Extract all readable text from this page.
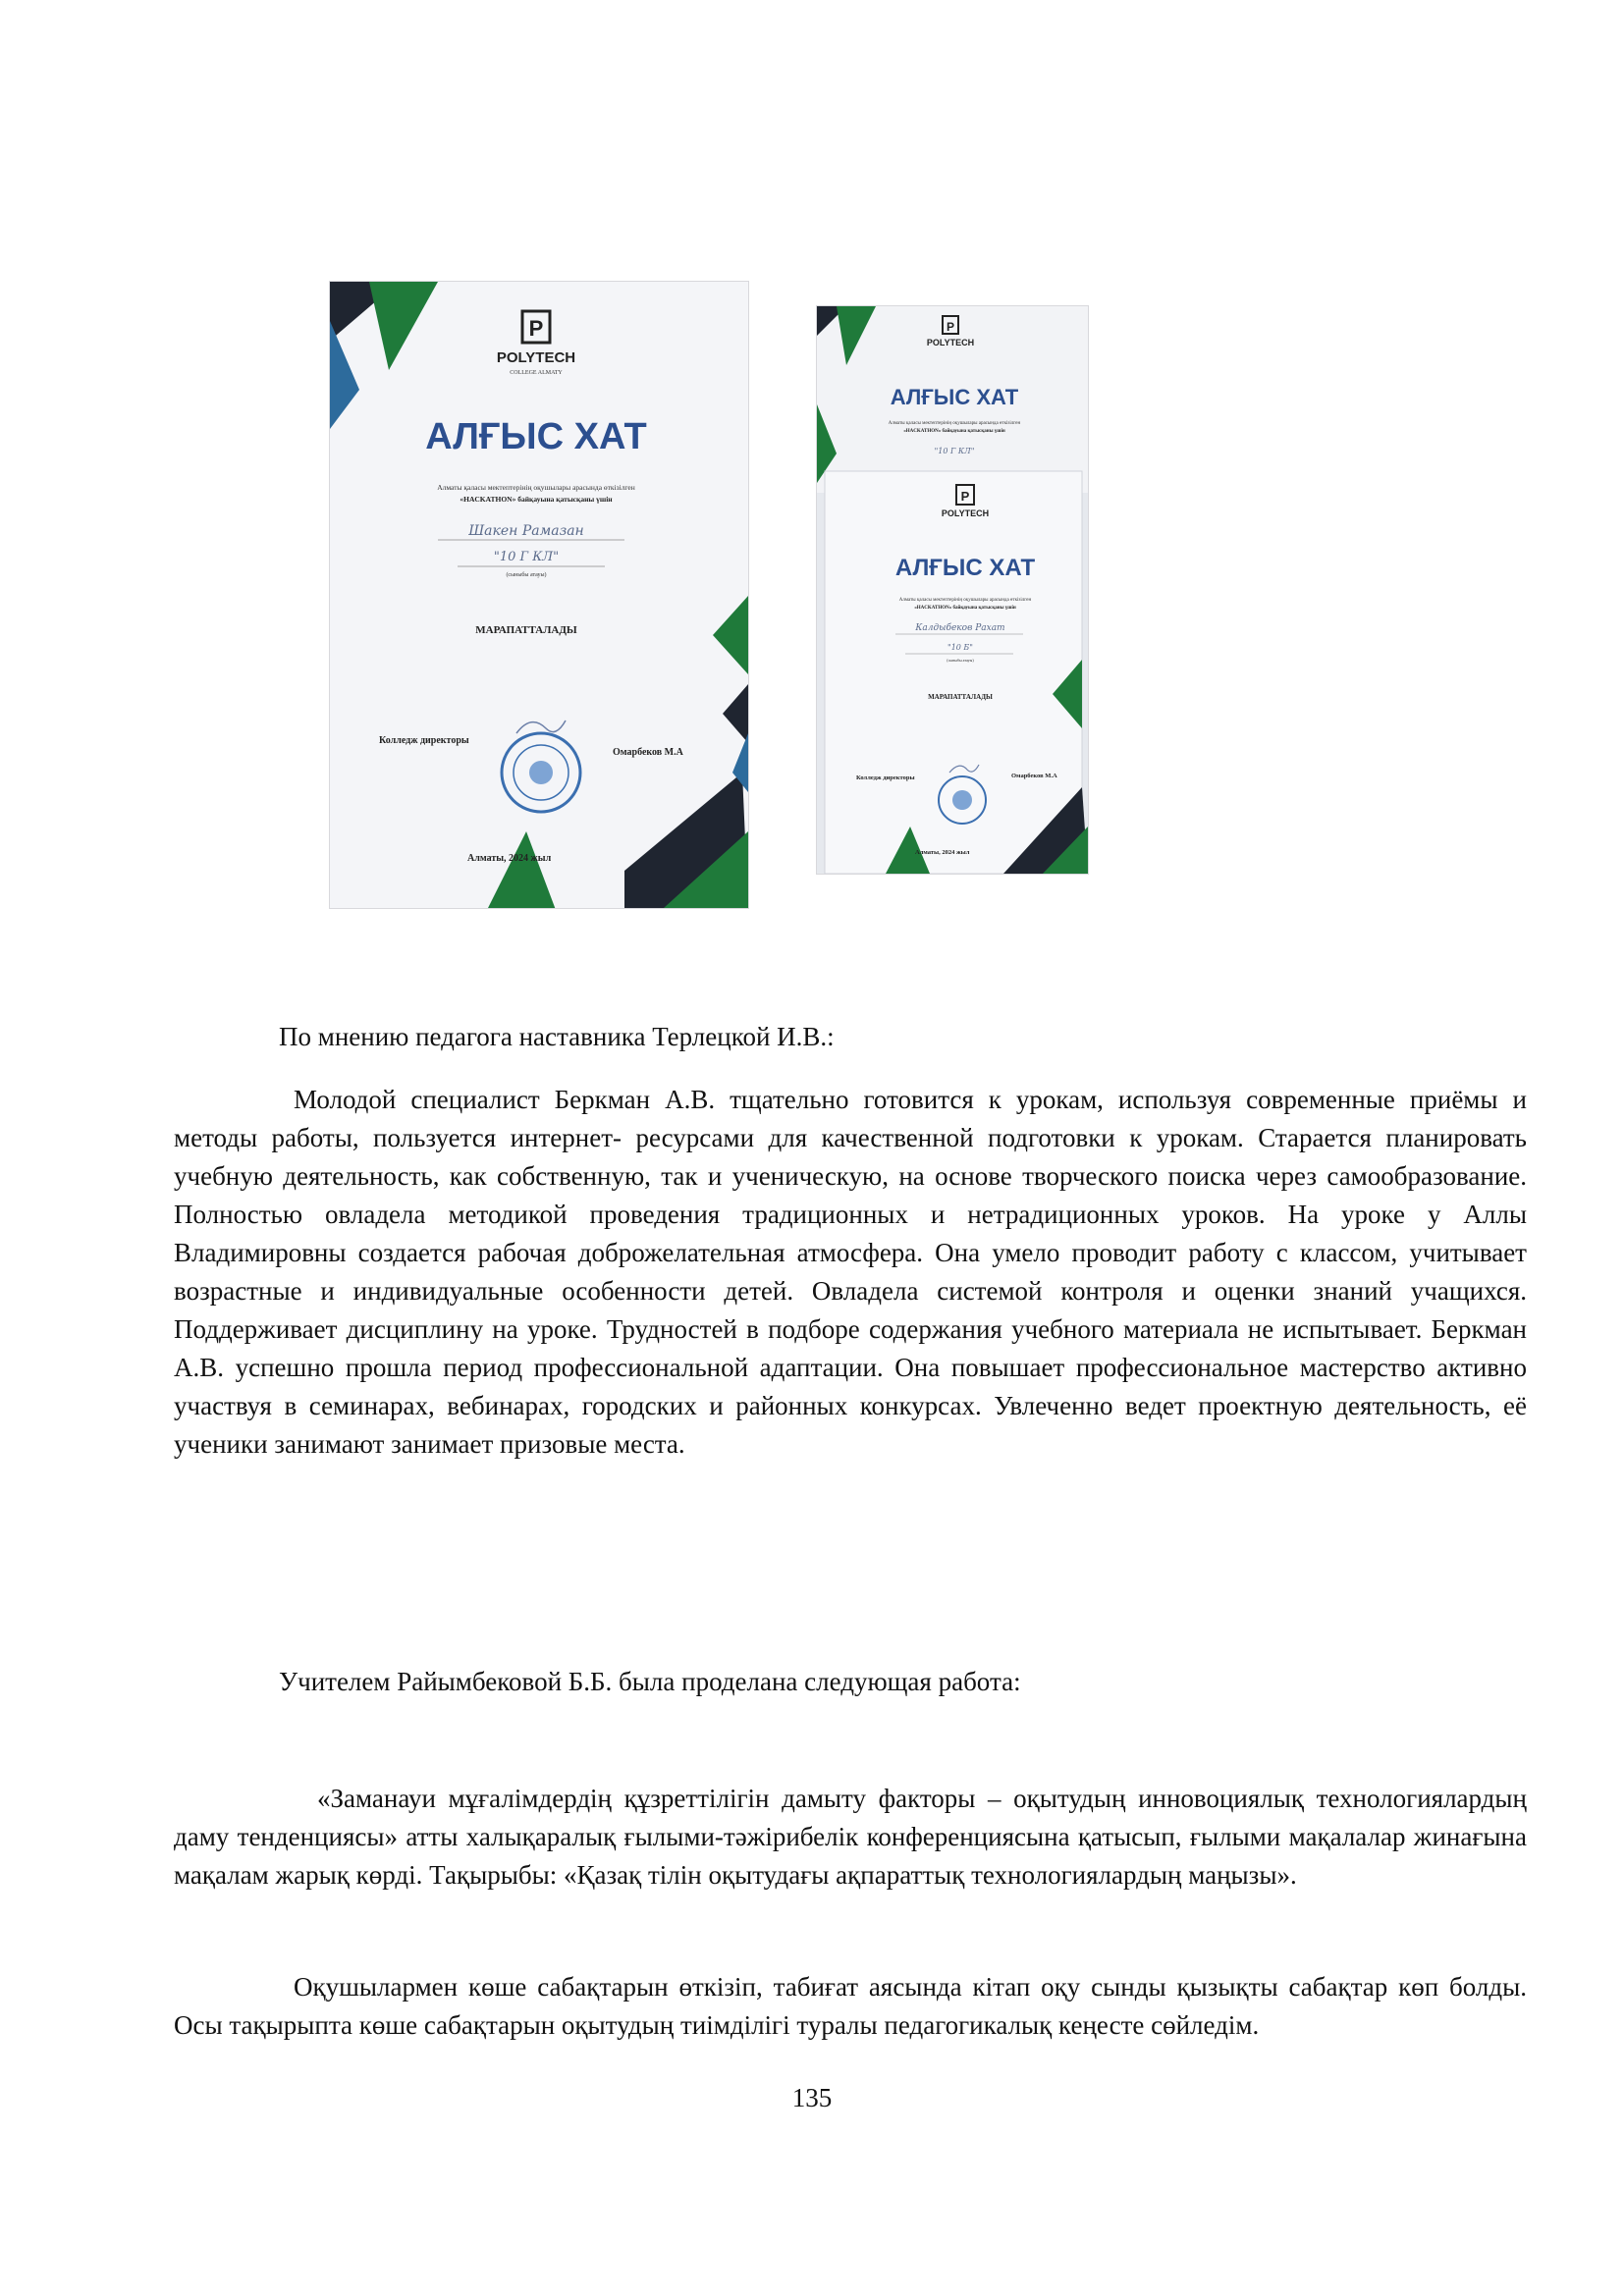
P
POLYTECH
COLLEGE ALMATY
АЛҒЫС ХАТ
Алматы қаласы мектептерінің оқушылары арасында өткізілген
«HACKATHON» байқауына қатысқаны үшін
Шакен Рамазан
"10 Г КЛ"
(сыныбы атауы)
МАРАПАТТАЛАДЫ
Колледж директоры
Омарбеков М.А
Алматы, 2024 жыл
P
POLYTECH
АЛҒЫС ХАТ
Алматы қаласы мектептерінің оқушылары арасында өткізілген
«HACKATHON» байқауына қатысқаны үшін
"10 Г КЛ"
P
POLYTECH
АЛҒЫС ХАТ
Алматы қаласы мектептерінің оқушылары арасында өткізілген
«HACKATHON» байқауына қатысқаны үшін
Калдыбеков Рахат
"10 Б"
(сыныбы атауы)
МАРАПАТТАЛАДЫ
Колледж директоры	Омарбеков М.А
Алматы, 2024 жыл

По мнению педагога наставника Терлецкой И.В.:

Молодой специалист Беркман А.В. тщательно готовится к урокам, используя современные приёмы и методы работы, пользуется интернет- ресурсами для качественной подготовки к урокам. Старается планировать учебную деятельность, как собственную, так и ученическую, на основе творческого поиска через самообразование. Полностью овладела методикой проведения традиционных и нетрадиционных уроков. На уроке у Аллы Владимировны создается рабочая доброжелательная атмосфера. Она умело проводит работу с классом, учитывает возрастные и индивидуальные особенности детей. Овладела системой контроля и оценки знаний учащихся. Поддерживает дисциплину на уроке. Трудностей в подборе содержания учебного материала не испытывает. Беркман А.В. успешно прошла период профессиональной адаптации. Она повышает профессиональное мастерство активно участвуя в семинарах, вебинарах, городских и районных конкурсах. Увлеченно ведет проектную деятельность, её ученики занимают занимает призовые места.

Учителем Райымбековой Б.Б. была проделана следующая работа:

«Заманауи мұғалімдердің құзреттілігін дамыту факторы – оқытудың инновоциялық технологиялардың даму тенденциясы» атты халықаралық ғылыми-тәжірибелік конференциясына қатысып, ғылыми мақалалар жинағына мақалам жарық көрді. Тақырыбы: «Қазақ тілін оқытудағы ақпараттық технологиялардың маңызы».

Оқушылармен көше сабақтарын өткізіп, табиғат аясында кітап оқу сынды қызықты сабақтар көп болды. Осы тақырыпта көше сабақтарын оқытудың тиімділігі туралы педагогикалық кеңесте сөйледім.

135
